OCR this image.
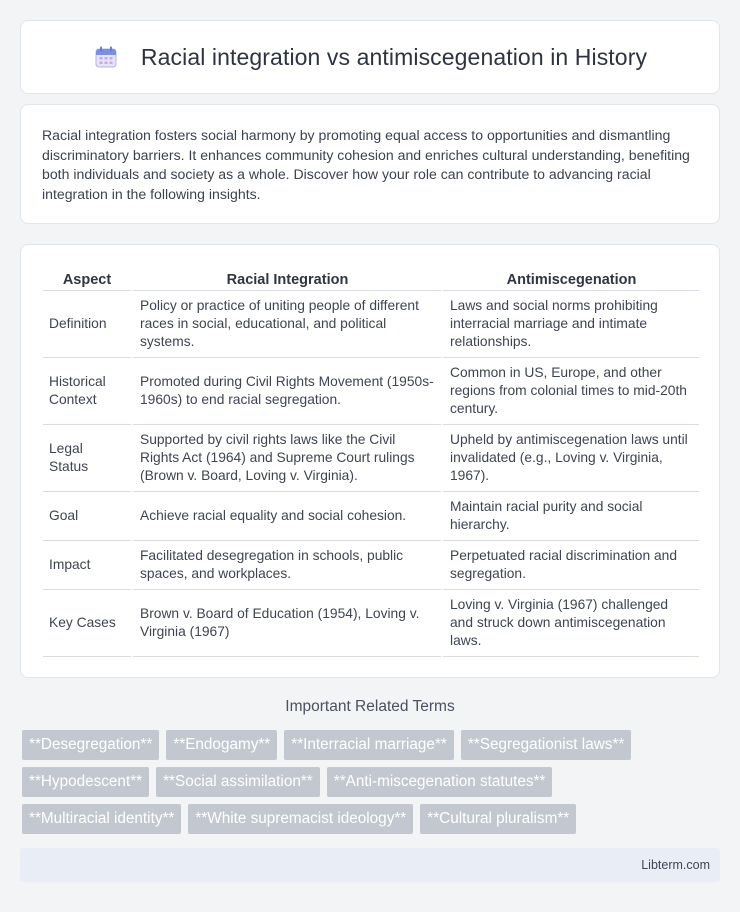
Racial integration vs antimiscegenation in History

Racial integration fosters social harmony by promoting equal access to opportunities and dismantling discriminatory barriers. It enhances community cohesion and enriches cultural understanding, benefiting both individuals and society as a whole. Discover how your role can contribute to advancing racial integration in the following insights.

Aspect	Racial Integration	Antimiscegenation
Definition	Policy or practice of uniting people of different races in social, educational, and political systems.	Laws and social norms prohibiting interracial marriage and intimate relationships.
Historical Context	Promoted during Civil Rights Movement (1950s-1960s) to end racial segregation.	Common in US, Europe, and other regions from colonial times to mid-20th century.
Legal Status	Supported by civil rights laws like the Civil Rights Act (1964) and Supreme Court rulings (Brown v. Board, Loving v. Virginia).	Upheld by antimiscegenation laws until invalidated (e.g., Loving v. Virginia, 1967).
Goal	Achieve racial equality and social cohesion.	Maintain racial purity and social hierarchy.
Impact	Facilitated desegregation in schools, public spaces, and workplaces.	Perpetuated racial discrimination and segregation.
Key Cases	Brown v. Board of Education (1954), Loving v. Virginia (1967)	Loving v. Virginia (1967) challenged and struck down antimiscegenation laws.
Important Related Terms
**Desegregation**	**Endogamy**	**Interracial marriage**	**Segregationist laws**
**Hypodescent**	**Social assimilation**	**Anti-miscegenation statutes**
**Multiracial identity**	**White supremacist ideology**	**Cultural pluralism**
Libterm.com
